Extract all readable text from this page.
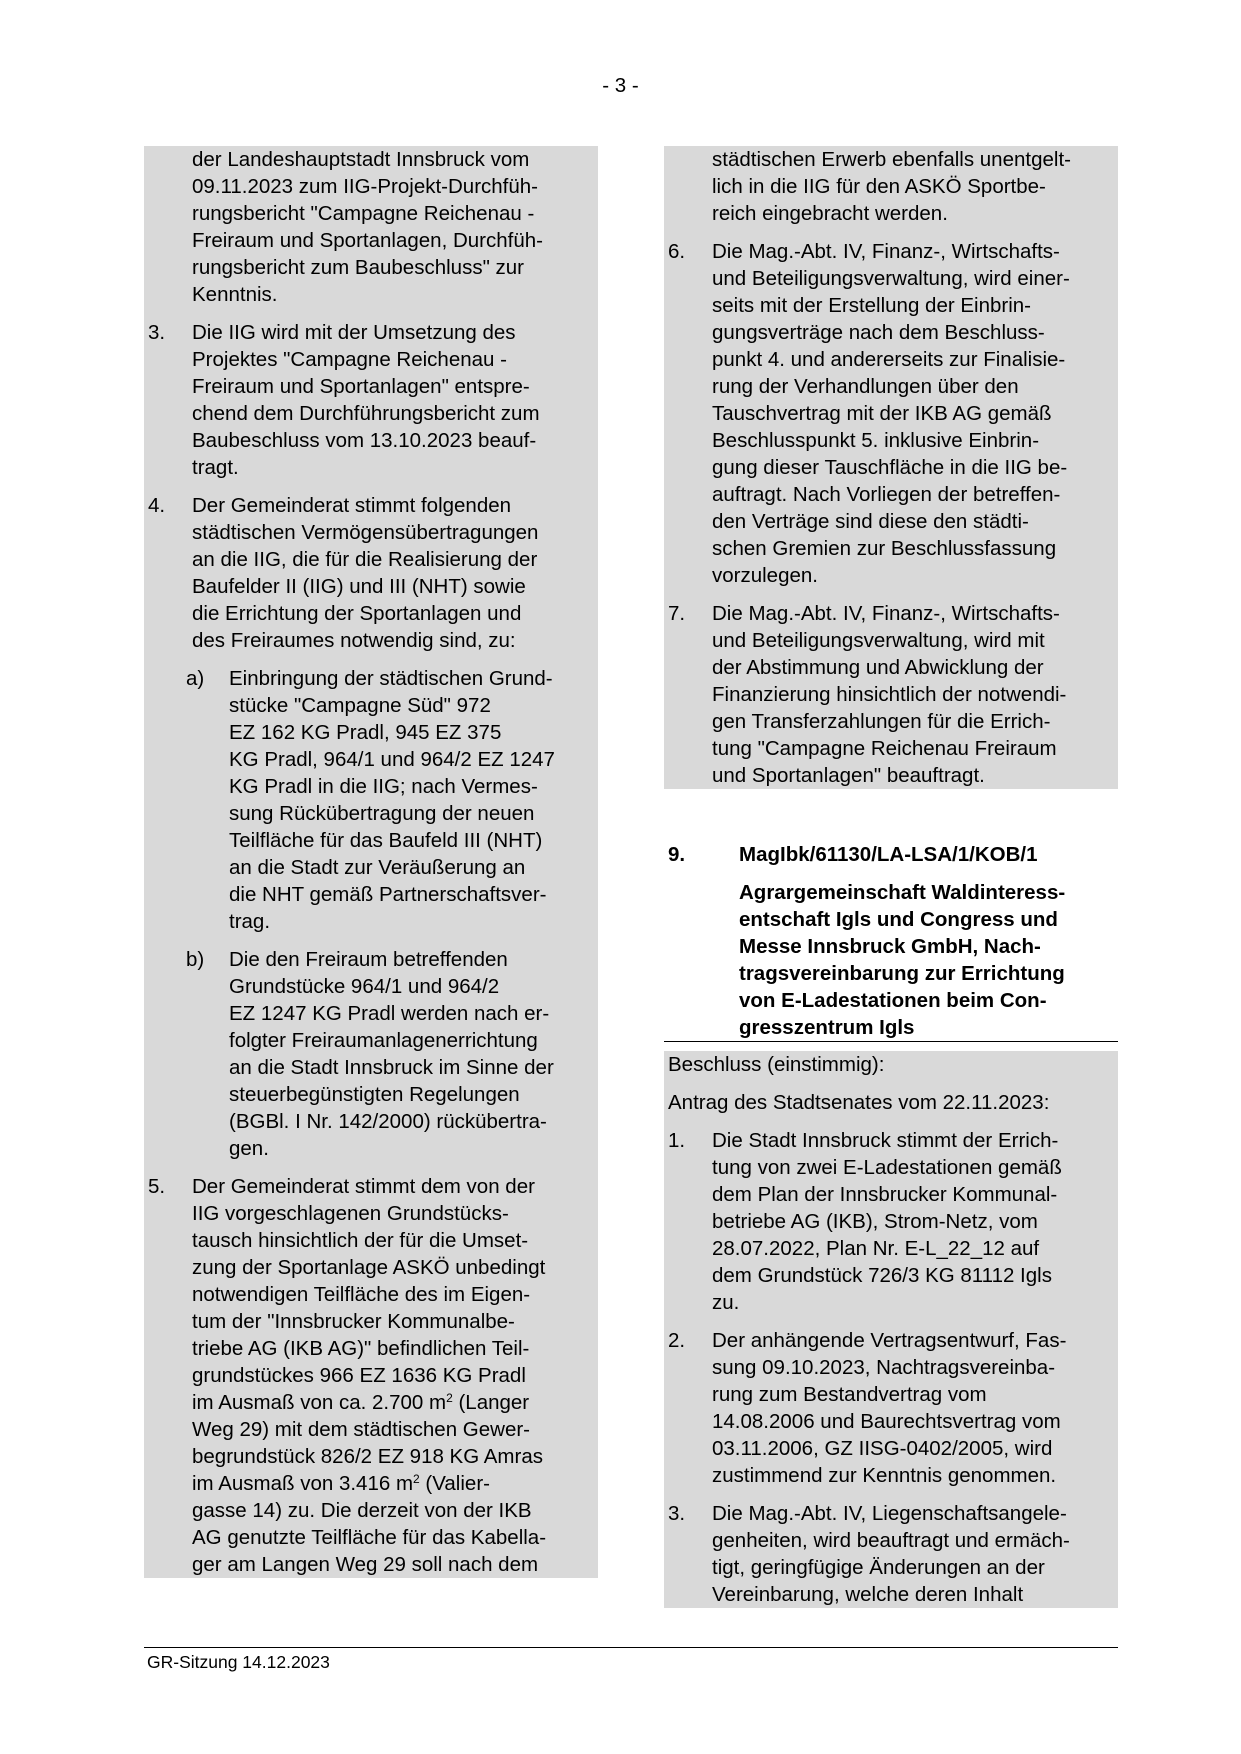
- 3 -
der Landeshauptstadt Innsbruck vom
09.11.2023 zum IIG-Projekt-Durchfüh-
rungsbericht "Campagne Reichenau -
Freiraum und Sportanlagen, Durchfüh-
rungsbericht zum Baubeschluss" zur
Kenntnis.
3. Die IIG wird mit der Umsetzung des
Projektes "Campagne Reichenau -
Freiraum und Sportanlagen" entspre-
chend dem Durchführungsbericht zum
Baubeschluss vom 13.10.2023 beauf-
tragt.
4. Der Gemeinderat stimmt folgenden
städtischen Vermögensübertragungen
an die IIG, die für die Realisierung der
Baufelder II (IIG) und III (NHT) sowie
die Errichtung der Sportanlagen und
des Freiraumes notwendig sind, zu:
a) Einbringung der städtischen Grund-
stücke "Campagne Süd" 972
EZ 162 KG Pradl, 945 EZ 375
KG Pradl, 964/1 und 964/2 EZ 1247
KG Pradl in die IIG; nach Vermes-
sung Rückübertragung der neuen
Teilfläche für das Baufeld III (NHT)
an die Stadt zur Veräußerung an
die NHT gemäß Partnerschaftsver-
trag.
b) Die den Freiraum betreffenden
Grundstücke 964/1 und 964/2
EZ 1247 KG Pradl werden nach er-
folgter Freiraumanlagenerrichtung
an die Stadt Innsbruck im Sinne der
steuerbegünstigten Regelungen
(BGBl. I Nr. 142/2000) rückübertra-
gen.
5. Der Gemeinderat stimmt dem von der
IIG vorgeschlagenen Grundstücks-
tausch hinsichtlich der für die Umset-
zung der Sportanlage ASKÖ unbedingt
notwendigen Teilfläche des im Eigen-
tum der "Innsbrucker Kommunalbe-
triebe AG (IKB AG)" befindlichen Teil-
grundstückes 966 EZ 1636 KG Pradl
im Ausmaß von ca. 2.700 $m^2$ (Langer
Weg 29) mit dem städtischen Gewer-
begrundstück 826/2 EZ 918 KG Amras
im Ausmaß von 3.416 $m^2$ (Valier-
gasse 14) zu. Die derzeit von der IKB
AG genutzte Teilfläche für das Kabella-
ger am Langen Weg 29 soll nach dem
städtischen Erwerb ebenfalls unentgelt-
lich in die IIG für den ASKÖ Sportbe-
reich eingebracht werden.
6. Die Mag.-Abt. IV, Finanz-, Wirtschafts-
und Beteiligungsverwaltung, wird einer-
seits mit der Erstellung der Einbrin-
gungsverträge nach dem Beschluss-
punkt 4. und andererseits zur Finalisie-
rung der Verhandlungen über den
Tauschvertrag mit der IKB AG gemäß
Beschlusspunkt 5. inklusive Einbrin-
gung dieser Tauschfläche in die IIG be-
auftragt. Nach Vorliegen der betreffen-
den Verträge sind diese den städti-
schen Gremien zur Beschlussfassung
vorzulegen.
7. Die Mag.-Abt. IV, Finanz-, Wirtschafts-
und Beteiligungsverwaltung, wird mit
der Abstimmung und Abwicklung der
Finanzierung hinsichtlich der notwendi-
gen Transferzahlungen für die Errich-
tung "Campagne Reichenau Freiraum
und Sportanlagen" beauftragt.
9.	MagIbk/61130/LA-LSA/1/KOB/1
Agrargemeinschaft Waldinteress-
entschaft Igls und Congress und
Messe Innsbruck GmbH, Nach-
tragsvereinbarung zur Errichtung
von E-Ladestationen beim Con-
gresszentrum Igls
Beschluss (einstimmig):
Antrag des Stadtsenates vom 22.11.2023:
1. Die Stadt Innsbruck stimmt der Errich-
tung von zwei E-Ladestationen gemäß
dem Plan der Innsbrucker Kommunal-
betriebe AG (IKB), Strom-Netz, vom
28.07.2022, Plan Nr. E-L_22_12 auf
dem Grundstück 726/3 KG 81112 Igls
zu.
2. Der anhängende Vertragsentwurf, Fas-
sung 09.10.2023, Nachtragsvereinba-
rung zum Bestandvertrag vom
14.08.2006 und Baurechtsvertrag vom
03.11.2006, GZ IISG-0402/2005, wird
zustimmend zur Kenntnis genommen.
3. Die Mag.-Abt. IV, Liegenschaftsangele-
genheiten, wird beauftragt und ermäch-
tigt, geringfügige Änderungen an der
Vereinbarung, welche deren Inhalt
GR-Sitzung 14.12.2023
